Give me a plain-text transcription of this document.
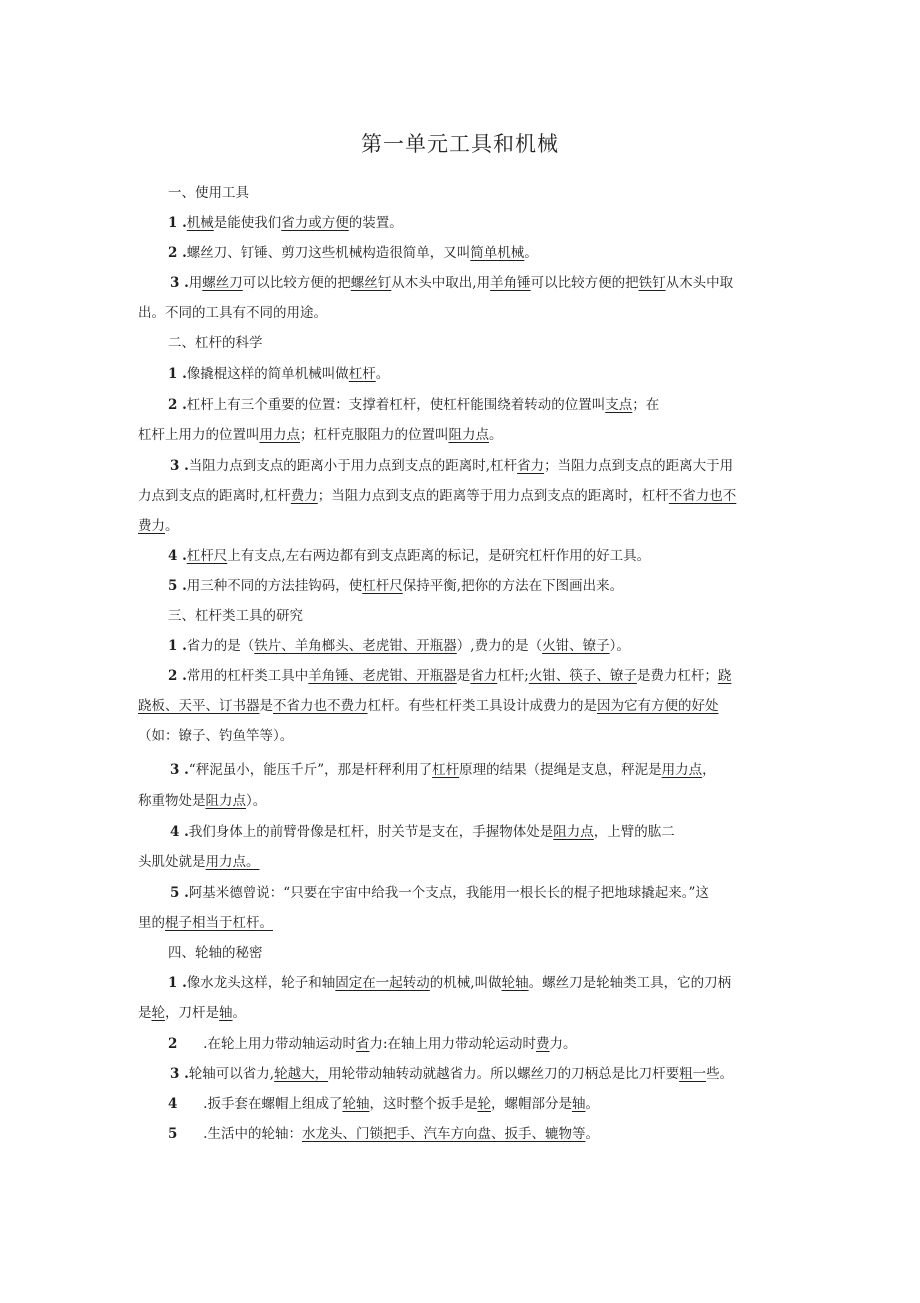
第一单元工具和机械
一、使用工具
1 .机械是能使我们省力或方便的装置。
2 .螺丝刀、钉锤、剪刀这些机械构造很简单，又叫简单机械。
3 .用螺丝刀可以比较方便的把螺丝钉从木头中取出,用羊角锤可以比较方便的把铁钉从木头中取
出。不同的工具有不同的用途。
二、杠杆的科学
1 .像撬棍这样的简单机械叫做杠杆。
2 .杠杆上有三个重要的位置：支撑着杠杆，使杠杆能围绕着转动的位置叫支点；在
杠杆上用力的位置叫用力点；杠杆克服阻力的位置叫阻力点。
3 .当阻力点到支点的距离小于用力点到支点的距离时,杠杆省力；当阻力点到支点的距离大于用
力点到支点的距离时,杠杆费力；当阻力点到支点的距离等于用力点到支点的距离时，杠杆不省力也不
费力。
4 .杠杆尺上有支点,左右两边都有到支点距离的标记，是研究杠杆作用的好工具。
5 .用三种不同的方法挂钩码，使杠杆尺保持平衡,把你的方法在下图画出来。
三、杠杆类工具的研究
1 .省力的是（铁片、羊角榔头、老虎钳、开瓶器）,费力的是（火钳、镣子）。
2 .常用的杠杆类工具中羊角锤、老虎钳、开瓶器是省力杠杆;火钳、筷子、镣子是费力杠杆；跷
跷板、天平、订书器是不省力也不费力杠杆。有些杠杆类工具设计成费力的是因为它有方便的好处
（如：镣子、钓鱼竿等）。
3 .“秤泥虽小，能压千斤”，那是杆秤利用了杠杆原理的结果（提绳是支息，秤泥是用力点，
称重物处是阻力点）。
4 .我们身体上的前臂骨像是杠杆，肘关节是支在，手握物体处是阻力点，上臂的肱二
头肌处就是用力点。
5 .阿基米德曾说：“只要在宇宙中给我一个支点，我能用一根长长的棍子把地球撬起来。”这
里的棍子相当于杠杆。
四、轮轴的秘密
1 .像水龙头这样，轮子和轴固定在一起转动的机械,叫做轮轴。螺丝刀是轮轴类工具，它的刀柄
是轮，刀杆是轴。
2      .在轮上用力带动轴运动时省力:在轴上用力带动轮运动时费力。
3 .轮轴可以省力,轮越大，用轮带动轴转动就越省力。所以螺丝刀的刀柄总是比刀杆要粗一些。
4      .扳手套在螺帽上组成了轮轴，这时整个扳手是轮，螺帽部分是轴。
5      .生活中的轮轴：水龙头、门锁把手、汽车方向盘、扳手、辘物等。
